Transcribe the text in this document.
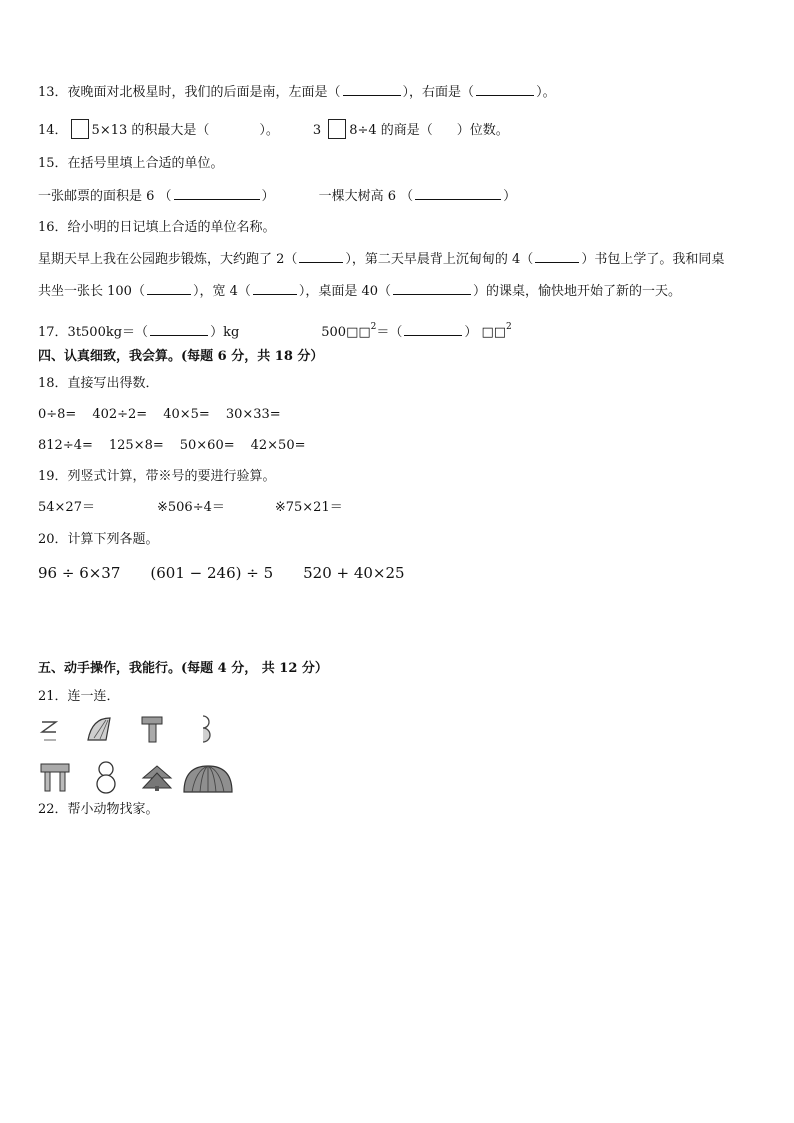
13．夜晚面对北极星时，我们的后面是南，左面是（	），右面是（	）。
14． 5×13 的积最大是（	）。	3 8÷4 的商是（ ）位数。
15．在括号里填上合适的单位。
一张邮票的面积是 6 （	）	一棵大树高 6 （	）
16．给小明的日记填上合适的单位名称。
星期天早上我在公园跑步锻炼，大约跑了 2（	），第二天早晨背上沉甸甸的 4（	）书包上学了。我和同桌
共坐一张长 100（	），宽 4（	），桌面是 40（	）的课桌，愉快地开始了新的一天。
17．3t500kg＝（	）kg	500□□$^2$＝（	） □□$^2$
四、认真细致，我会算。(每题 6 分，共 18 分）
18．直接写出得数．
0÷8= 402÷2= 40×5= 30×33=
812÷4= 125×8= 50×60= 42×50=
19．列竖式计算，带※号的要进行验算。
54×27＝	※506÷4＝	※75×21＝
20．计算下列各题。
96 ÷ 6×37 (601 − 246) ÷ 5 520 + 40×25
五、动手操作，我能行。(每题 4 分， 共 12 分）
21．连一连．
22．帮小动物找家。
